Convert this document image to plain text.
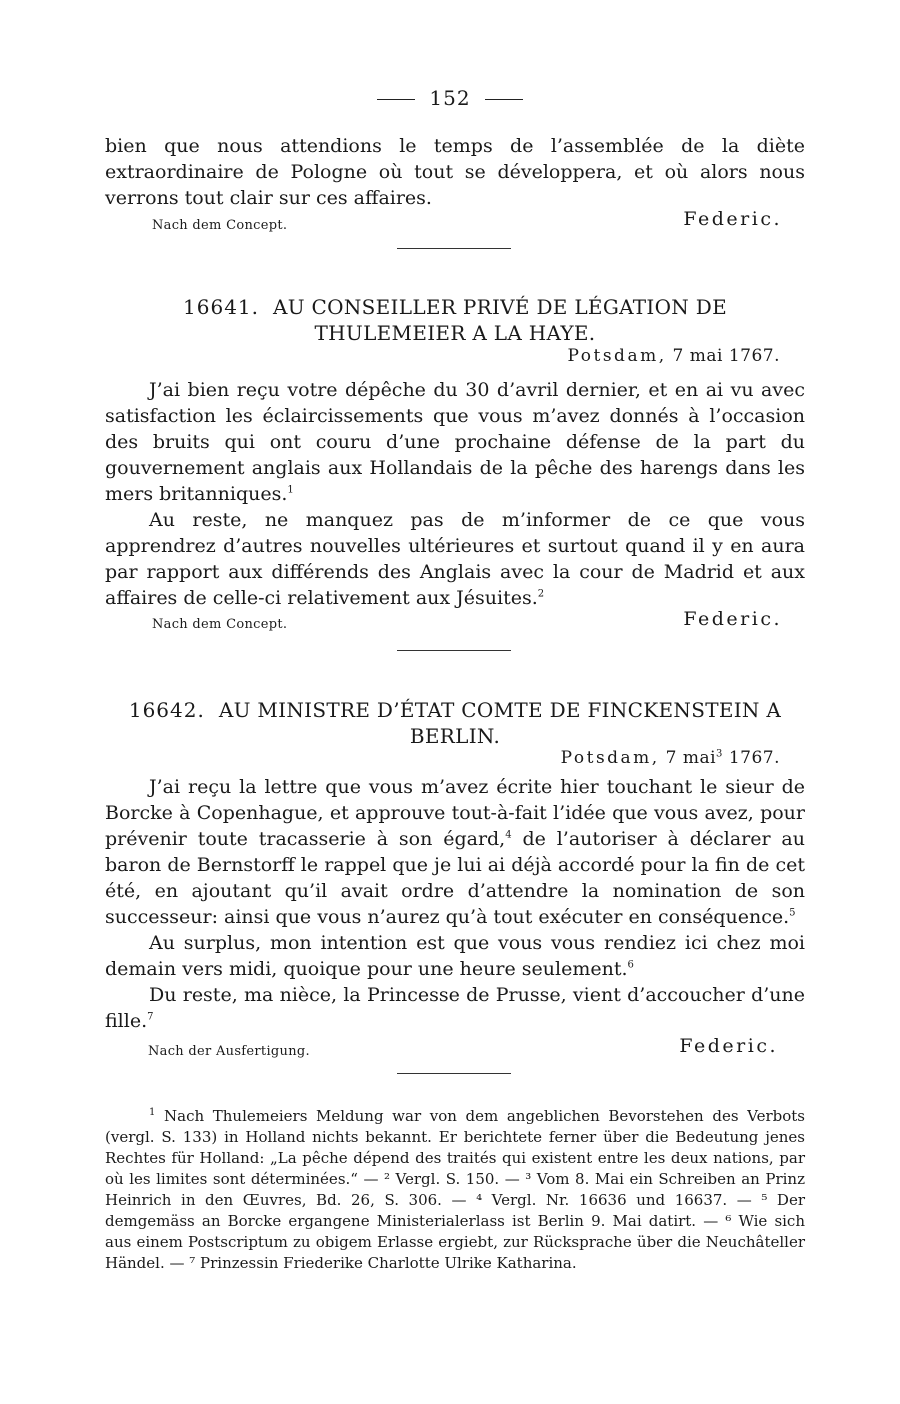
152

bien que nous attendions le temps de l’assemblée de la diète extraordinaire de Pologne où tout se développera, et où alors nous verrons tout clair sur ces affaires.

Nach dem Concept.	Federic.
16641. AU CONSEILLER PRIVÉ DE LÉGATION DE THULEMEIER A LA HAYE.
Potsdam, 7 mai 1767.

J’ai bien reçu votre dépêche du 30 d’avril dernier, et en ai vu avec satisfaction les éclaircissements que vous m’avez donnés à l’occasion des bruits qui ont couru d’une prochaine défense de la part du gouvernement anglais aux Hollandais de la pêche des harengs dans les mers britanniques.$^1$

Au reste, ne manquez pas de m’informer de ce que vous apprendrez d’autres nouvelles ultérieures et surtout quand il y en aura par rapport aux différends des Anglais avec la cour de Madrid et aux affaires de celle-ci relativement aux Jésuites.$^2$

Nach dem Concept.	Federic.
16642. AU MINISTRE D’ÉTAT COMTE DE FINCKENSTEIN A BERLIN.
Potsdam, 7 mai$^3$ 1767.

J’ai reçu la lettre que vous m’avez écrite hier touchant le sieur de Borcke à Copenhague, et approuve tout-à-fait l’idée que vous avez, pour prévenir toute tracasserie à son égard,$^4$ de l’autoriser à déclarer au baron de Bernstorff le rappel que je lui ai déjà accordé pour la fin de cet été, en ajoutant qu’il avait ordre d’attendre la nomination de son successeur: ainsi que vous n’aurez qu’à tout exécuter en conséquence.$^5$

Au surplus, mon intention est que vous vous rendiez ici chez moi demain vers midi, quoique pour une heure seulement.$^6$

Du reste, ma nièce, la Princesse de Prusse, vient d’accoucher d’une fille.$^7$

Nach der Ausfertigung.	Federic.

$^1$ Nach Thulemeiers Meldung war von dem angeblichen Bevorstehen des Verbots (vergl. S. 133) in Holland nichts bekannt. Er berichtete ferner über die Bedeutung jenes Rechtes für Holland: „La pêche dépend des traités qui existent entre les deux nations, par où les limites sont déterminées.“ — ² Vergl. S. 150. — ³ Vom 8. Mai ein Schreiben an Prinz Heinrich in den Œuvres, Bd. 26, S. 306. — ⁴ Vergl. Nr. 16636 und 16637. — ⁵ Der demgemäss an Borcke ergangene Ministerialerlass ist Berlin 9. Mai datirt. — ⁶ Wie sich aus einem Postscriptum zu obigem Erlasse ergiebt, zur Rücksprache über die Neuchâteller Händel. — ⁷ Prinzessin Friederike Charlotte Ulrike Katharina.
